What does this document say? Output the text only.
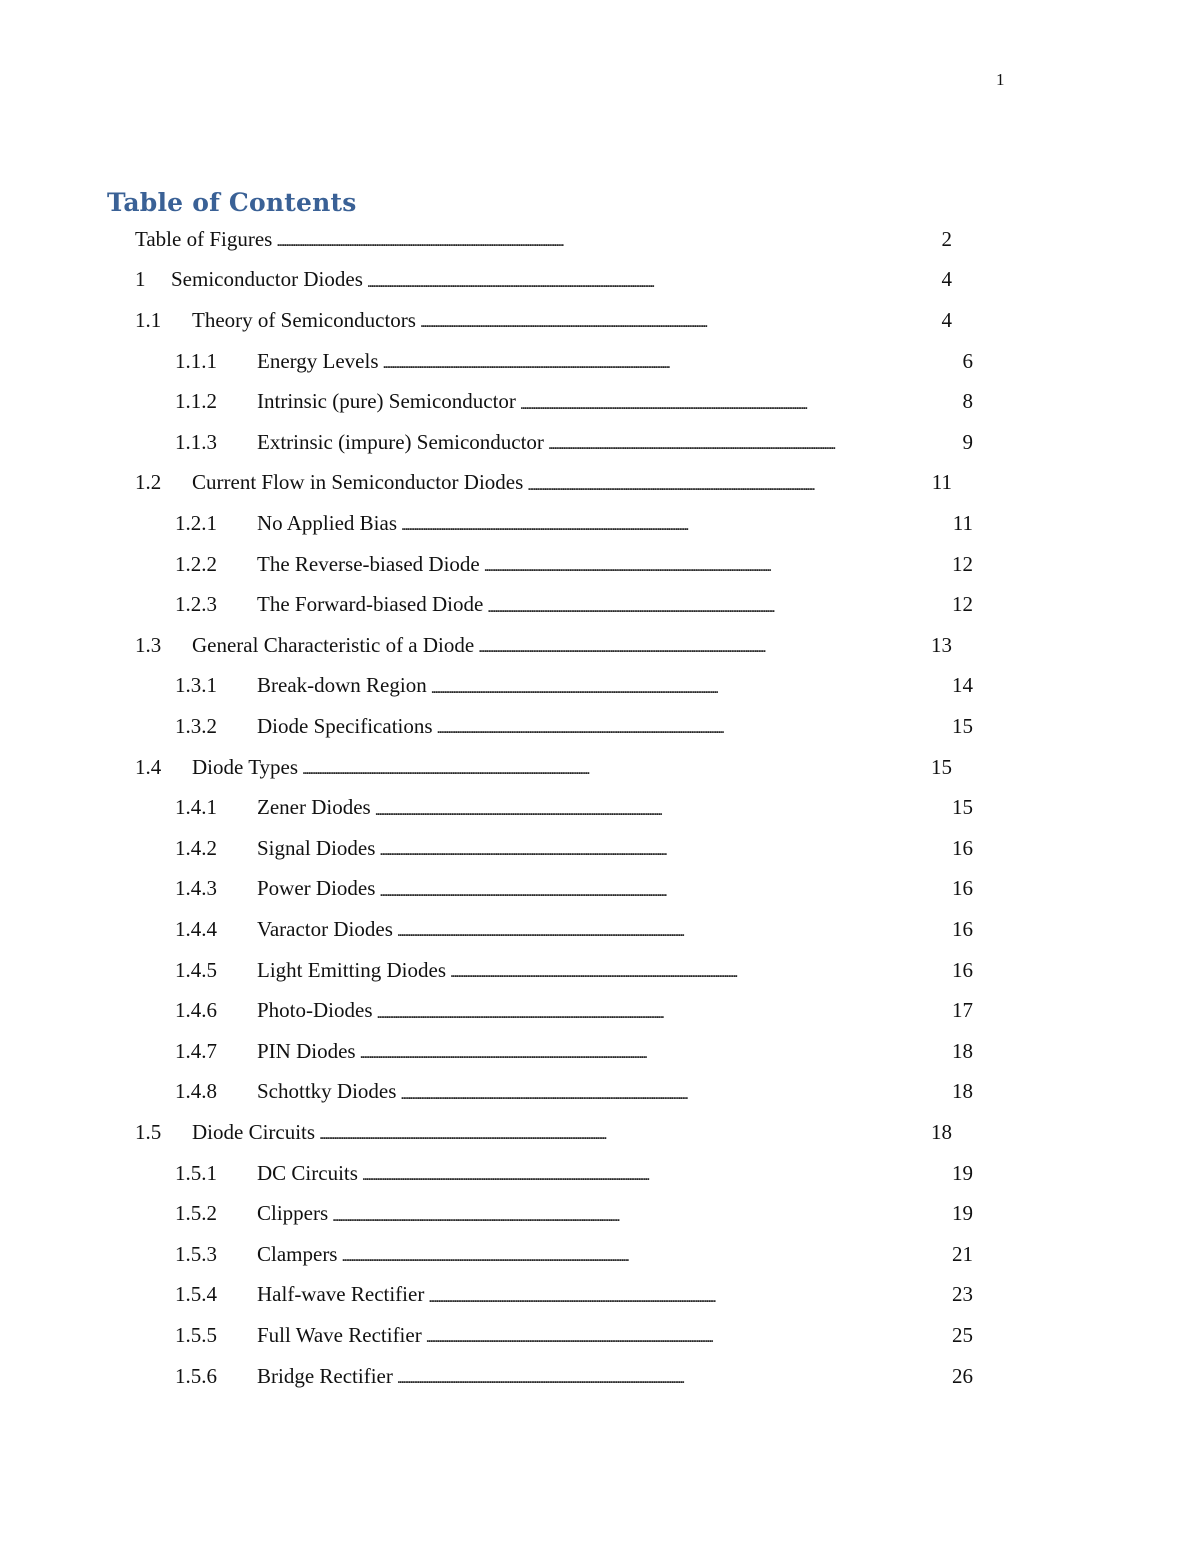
1
Table of Contents
Table of Figures . . .	2
1	Semiconductor Diodes . . .	4
1.1	Theory of Semiconductors . . .	4
1.1.1	Energy Levels . . .	6
1.1.2	Intrinsic (pure) Semiconductor . . .	8
1.1.3	Extrinsic (impure) Semiconductor . . .	9
1.2	Current Flow in Semiconductor Diodes . . .	11
1.2.1	No Applied Bias . . .	11
1.2.2	The Reverse-biased Diode . . .	12
1.2.3	The Forward-biased Diode . . .	12
1.3	General Characteristic of a Diode . . .	13
1.3.1	Break-down Region . . .	14
1.3.2	Diode Specifications . . .	15
1.4	Diode Types . . .	15
1.4.1	Zener Diodes . . .	15
1.4.2	Signal Diodes . . .	16
1.4.3	Power Diodes . . .	16
1.4.4	Varactor Diodes . . .	16
1.4.5	Light Emitting Diodes . . .	16
1.4.6	Photo-Diodes . . .	17
1.4.7	PIN Diodes . . .	18
1.4.8	Schottky Diodes . . .	18
1.5	Diode Circuits . . .	18
1.5.1	DC Circuits . . .	19
1.5.2	Clippers . . .	19
1.5.3	Clampers . . .	21
1.5.4	Half-wave Rectifier . . .	23
1.5.5	Full Wave Rectifier . . .	25
1.5.6	Bridge Rectifier . . .	26
